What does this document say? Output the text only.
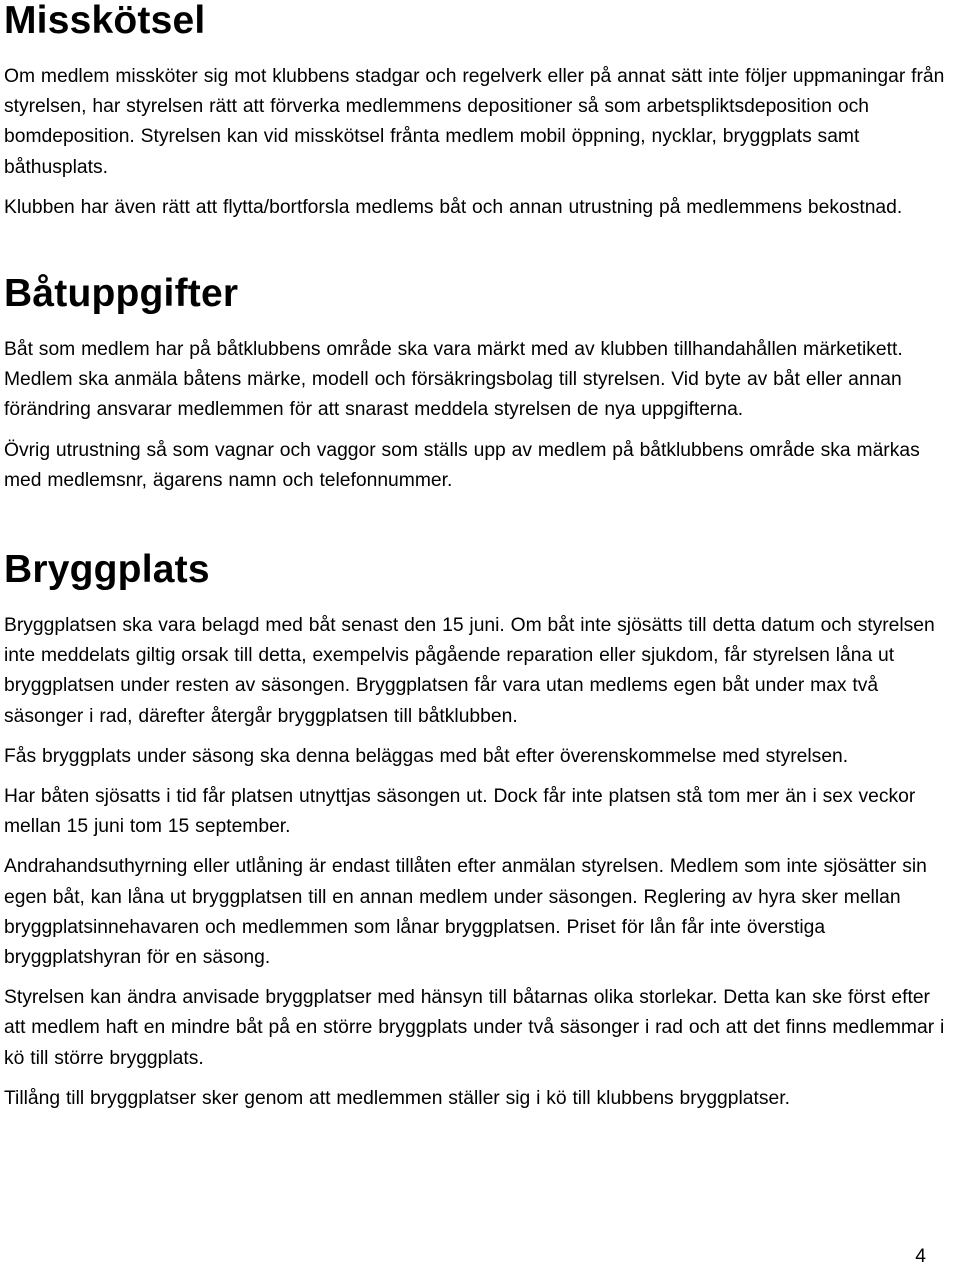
Misskötsel

Om medlem missköter sig mot klubbens stadgar och regelverk eller på annat sätt inte följer uppmaningar från styrelsen, har styrelsen rätt att förverka medlemmens depositioner så som arbetspliktsdeposition och bomdeposition. Styrelsen kan vid misskötsel frånta medlem mobil öppning, nycklar, bryggplats samt båthusplats.

Klubben har även rätt att flytta/bortforsla medlems båt och annan utrustning på medlemmens bekostnad.

Båtuppgifter

Båt som medlem har på båtklubbens område ska vara märkt med av klubben tillhandahållen märketikett. Medlem ska anmäla båtens märke, modell och försäkringsbolag till styrelsen. Vid byte av båt eller annan förändring ansvarar medlemmen för att snarast meddela styrelsen de nya uppgifterna.

Övrig utrustning så som vagnar och vaggor som ställs upp av medlem på båtklubbens område ska märkas med medlemsnr, ägarens namn och telefonnummer.

Bryggplats

Bryggplatsen ska vara belagd med båt senast den 15 juni. Om båt inte sjösätts till detta datum och styrelsen inte meddelats giltig orsak till detta, exempelvis pågående reparation eller sjukdom, får styrelsen låna ut bryggplatsen under resten av säsongen. Bryggplatsen får vara utan medlems egen båt under max två säsonger i rad, därefter återgår bryggplatsen till båtklubben.

Fås bryggplats under säsong ska denna beläggas med båt efter överenskommelse med styrelsen.

Har båten sjösatts i tid får platsen utnyttjas säsongen ut. Dock får inte platsen stå tom mer än i sex veckor mellan 15 juni tom 15 september.

Andrahandsuthyrning eller utlåning är endast tillåten efter anmälan styrelsen. Medlem som inte sjösätter sin egen båt, kan låna ut bryggplatsen till en annan medlem under säsongen. Reglering av hyra sker mellan bryggplatsinnehavaren och medlemmen som lånar bryggplatsen. Priset för lån får inte överstiga bryggplatshyran för en säsong.

Styrelsen kan ändra anvisade bryggplatser med hänsyn till båtarnas olika storlekar. Detta kan ske först efter att medlem haft en mindre båt på en större bryggplats under två säsonger i rad och att det finns medlemmar i kö till större bryggplats.

Tillång till bryggplatser sker genom att medlemmen ställer sig i kö till klubbens bryggplatser.

4
